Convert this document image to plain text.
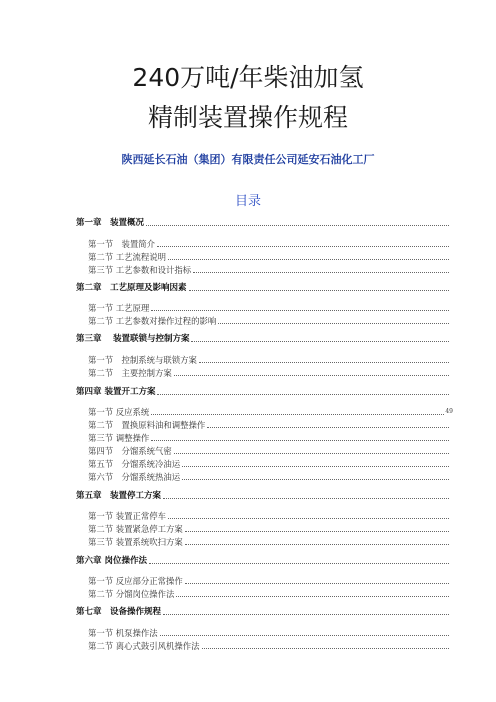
240万吨/年柴油加氢
精制装置操作规程
陕西延长石油（集团）有限责任公司延安石油化工厂
目录
第一章　装置概况
第一节　装置简介
第二节 工艺流程说明
第三节 工艺参数和设计指标
第二章　工艺原理及影响因素
第一节 工艺原理
第二节 工艺参数对操作过程的影响
第三章　 装置联锁与控制方案
第一节　控制系统与联锁方案
第二节　主要控制方案
第四章 装置开工方案
第一节 反应系统	49
第二节　置换原料油和调整操作
第三节 调整操作
第四节　分馏系统气密
第五节　分馏系统冷油运
第六节　分馏系统热油运
第五章　装置停工方案
第一节 装置正常停车
第二节 装置紧急停工方案
第三节 装置系统吹扫方案
第六章 岗位操作法
第一节 反应部分正常操作
第二节 分馏岗位操作法
第七章　设备操作规程
第一节 机泵操作法
第二节 离心式鼓引风机操作法
